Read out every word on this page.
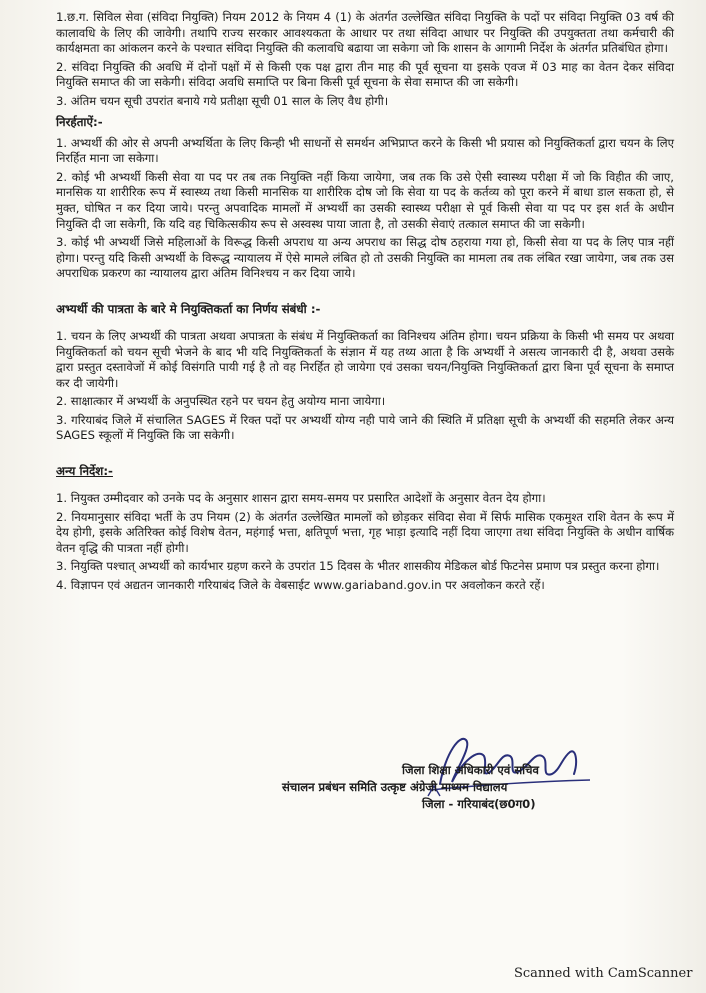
1.छ.ग. सिविल सेवा (संविदा नियुक्ति) नियम 2012 के नियम 4 (1) के अंतर्गत उल्लेखित संविदा नियुक्ति के पदों पर संविदा नियुक्ति 03 वर्ष की कालावधि के लिए की जावेगी। तथापि राज्य सरकार आवश्यकता के आधार पर तथा संविदा आधार पर नियुक्ति की उपयुक्तता तथा कर्मचारी की कार्यक्षमता का आंकलन करने के पश्चात संविदा नियुक्ति की कलावधि बढाया जा सकेगा जो कि शासन के आगामी निर्देश के अंतर्गत प्रतिबंधित होगा।

2. संविदा नियुक्ति की अवधि में दोनों पक्षों में से किसी एक पक्ष द्वारा तीन माह की पूर्व सूचना या इसके एवज में 03 माह का वेतन देकर संविदा नियुक्ति समाप्त की जा सकेगी। संविदा अवधि समाप्ति पर बिना किसी पूर्व सूचना के सेवा समाप्त की जा सकेगी।

3. अंतिम चयन सूची उपरांत बनाये गये प्रतीक्षा सूची 01 साल के लिए वैध होगी।

निरर्हताऐं:-

1. अभ्यर्थी की ओर से अपनी अभ्यर्थिता के लिए किन्ही भी साधनों से समर्थन अभिप्राप्त करने के किसी भी प्रयास को नियुक्तिकर्ता द्वारा चयन के लिए निरर्हित माना जा सकेगा।

2. कोई भी अभ्यर्थी किसी सेवा या पद पर तब तक नियुक्ति नहीं किया जायेगा, जब तक कि उसे ऐसी स्वास्थ्य परीक्षा में जो कि विहीत की जाए, मानसिक या शारीरिक रूप में स्वास्थ्य तथा किसी मानसिक या शारीरिक दोष जो कि सेवा या पद के कर्तव्य को पूरा करने में बाधा डाल सकता हो, से मुक्त, घोषित न कर दिया जाये। परन्तु अपवादिक मामलों में अभ्यर्थी का उसकी स्वास्थ्य परीक्षा से पूर्व किसी सेवा या पद पर इस शर्त के अधीन नियुक्ति दी जा सकेगी, कि यदि वह चिकित्सकीय रूप से अस्वस्थ पाया जाता है, तो उसकी सेवाएं तत्काल समाप्त की जा सकेगी।

3. कोई भी अभ्यर्थी जिसे महिलाओं के विरूद्ध किसी अपराध या अन्य अपराध का सिद्ध दोष ठहराया गया हो, किसी सेवा या पद के लिए पात्र नहीं होगा। परन्तु यदि किसी अभ्यर्थी के विरूद्ध न्यायालय में ऐसे मामले लंबित हो तो उसकी नियुक्ति का मामला तब तक लंबित रखा जायेगा, जब तक उस अपराधिक प्रकरण का न्यायालय द्वारा अंतिम विनिश्चय न कर दिया जाये।

अभ्यर्थी की पात्रता के बारे मे नियुक्तिकर्ता का निर्णय संबंधी :-

1. चयन के लिए अभ्यर्थी की पात्रता अथवा अपात्रता के संबंध में नियुक्तिकर्ता का विनिश्चय अंतिम होगा। चयन प्रक्रिया के किसी भी समय पर अथवा नियुक्तिकर्ता को चयन सूची भेजने के बाद भी यदि नियुक्तिकर्ता के संज्ञान में यह तथ्य आता है कि अभ्यर्थी ने असत्य जानकारी दी है, अथवा उसके द्वारा प्रस्तुत दस्तावेजों में कोई विसंगति पायी गई है तो वह निरर्हित हो जायेगा एवं उसका चयन/नियुक्ति नियुक्तिकर्ता द्वारा बिना पूर्व सूचना के समाप्त कर दी जायेगी।

2. साक्षात्कार में अभ्यर्थी के अनुपस्थित रहने पर चयन हेतु अयोग्य माना जायेगा।

3. गरियाबंद जिले में संचालित SAGES में रिक्त पदों पर अभ्यर्थी योग्य नही पाये जाने की स्थिति में प्रतिक्षा सूची के अभ्यर्थी की सहमति लेकर अन्य SAGES स्कूलों में नियुक्ति कि जा सकेगी।

अन्य निर्देश:-

1. नियुक्त उम्मीदवार को उनके पद के अनुसार शासन द्वारा समय-समय पर प्रसारित आदेशों के अनुसार वेतन देय होगा।

2. नियमानुसार संविदा भर्ती के उप नियम (2) के अंतर्गत उल्लेखित मामलों को छोड़कर संविदा सेवा में सिर्फ मासिक एकमुश्त राशि वेतन के रूप में देय होगी, इसके अतिरिक्त कोई विशेष वेतन, महंगाई भत्ता, क्षतिपूर्ण भत्ता, गृह भाड़ा इत्यादि नहीं दिया जाएगा तथा संविदा नियुक्ति के अधीन वार्षिक वेतन वृद्धि की पात्रता नहीं होगी।

3. नियुक्ति पश्चात् अभ्यर्थी को कार्यभार ग्रहण करने के उपरांत 15 दिवस के भीतर शासकीय मेडिकल बोर्ड फिटनेस प्रमाण पत्र प्रस्तुत करना होगा।

4. विज्ञापन एवं अद्यतन जानकारी गरियाबंद जिले के वेबसाईट www.gariaband.gov.in पर अवलोकन करते रहें।

जिला शिक्षा अधिकारी एवं सचिव
संचालन प्रबंधन समिति उत्कृष्ट अंग्रेजी माध्यम विद्यालय
जिला - गरियाबंद(छ0ग0)
Scanned with CamScanner
